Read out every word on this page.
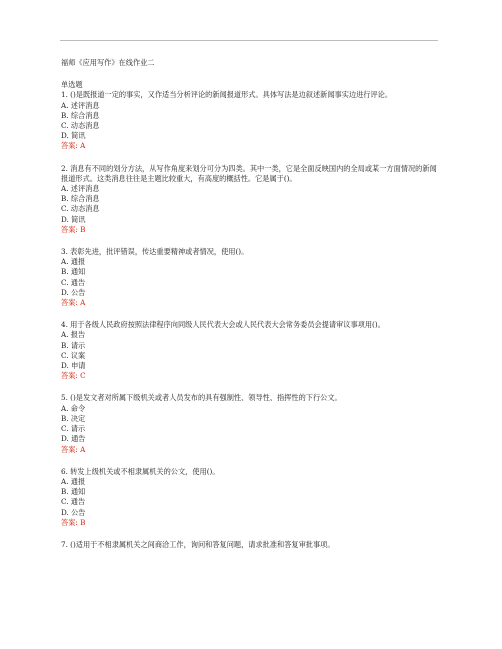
福师《应用写作》在线作业二

单选题

1. ()是既报道一定的事实，又作适当分析评论的新闻报道形式。具体写法是边叙述新闻事实边进行评论。

A. 述评消息

B. 综合消息

C. 动态消息

D. 简讯

答案: A

2. 消息有不同的划分方法，从写作角度来划分可分为四类。其中一类，它是全面反映国内的全局或某一方面情况的新闻报道形式。这类消息往往是主题比较重大，有高度的概括性。它是属于()。

A. 述评消息

B. 综合消息

C. 动态消息

D. 简讯

答案: B

3. 表彰先进，批评错误，传达重要精神或者情况，使用()。

A. 通报

B. 通知

C. 通告

D. 公告

答案: A

4. 用于各级人民政府按照法律程序向同级人民代表大会或人民代表大会常务委员会提请审议事项用()。

A. 报告

B. 请示

C. 议案

D. 申请

答案: C

5. ()是发文者对所属下级机关或者人员发布的具有强制性、领导性、指挥性的下行公文。

A. 命令

B. 决定

C. 请示

D. 通告

答案: A

6. 转发上级机关或不相隶属机关的公文，使用()。

A. 通报

B. 通知

C. 通告

D. 公告

答案: B

7. ()适用于不相隶属机关之间商洽工作，询问和答复问题，请求批准和答复审批事项。
